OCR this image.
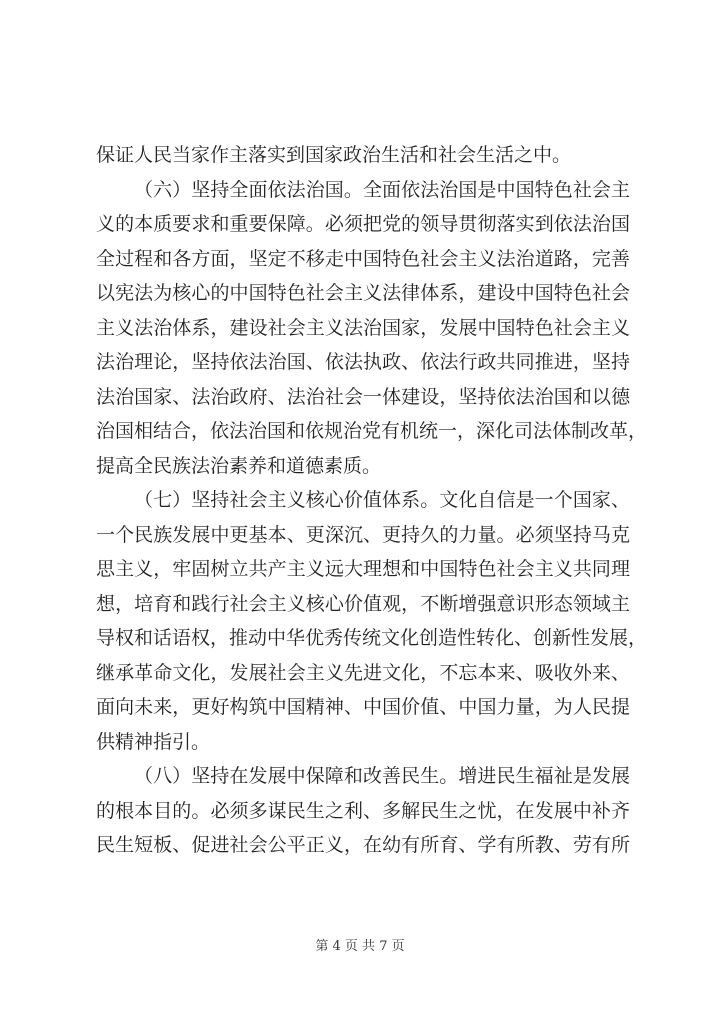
保证人民当家作主落实到国家政治生活和社会生活之中。
（六）坚持全面依法治国。全面依法治国是中国特色社会主
义的本质要求和重要保障。必须把党的领导贯彻落实到依法治国
全过程和各方面，坚定不移走中国特色社会主义法治道路，完善
以宪法为核心的中国特色社会主义法律体系，建设中国特色社会
主义法治体系，建设社会主义法治国家，发展中国特色社会主义
法治理论，坚持依法治国、依法执政、依法行政共同推进，坚持
法治国家、法治政府、法治社会一体建设，坚持依法治国和以德
治国相结合，依法治国和依规治党有机统一，深化司法体制改革，
提高全民族法治素养和道德素质。
（七）坚持社会主义核心价值体系。文化自信是一个国家、
一个民族发展中更基本、更深沉、更持久的力量。必须坚持马克
思主义，牢固树立共产主义远大理想和中国特色社会主义共同理
想，培育和践行社会主义核心价值观，不断增强意识形态领域主
导权和话语权，推动中华优秀传统文化创造性转化、创新性发展，
继承革命文化，发展社会主义先进文化，不忘本来、吸收外来、
面向未来，更好构筑中国精神、中国价值、中国力量，为人民提
供精神指引。
（八）坚持在发展中保障和改善民生。增进民生福祉是发展
的根本目的。必须多谋民生之利、多解民生之忧，在发展中补齐
民生短板、促进社会公平正义，在幼有所育、学有所教、劳有所
第 4 页 共 7 页
